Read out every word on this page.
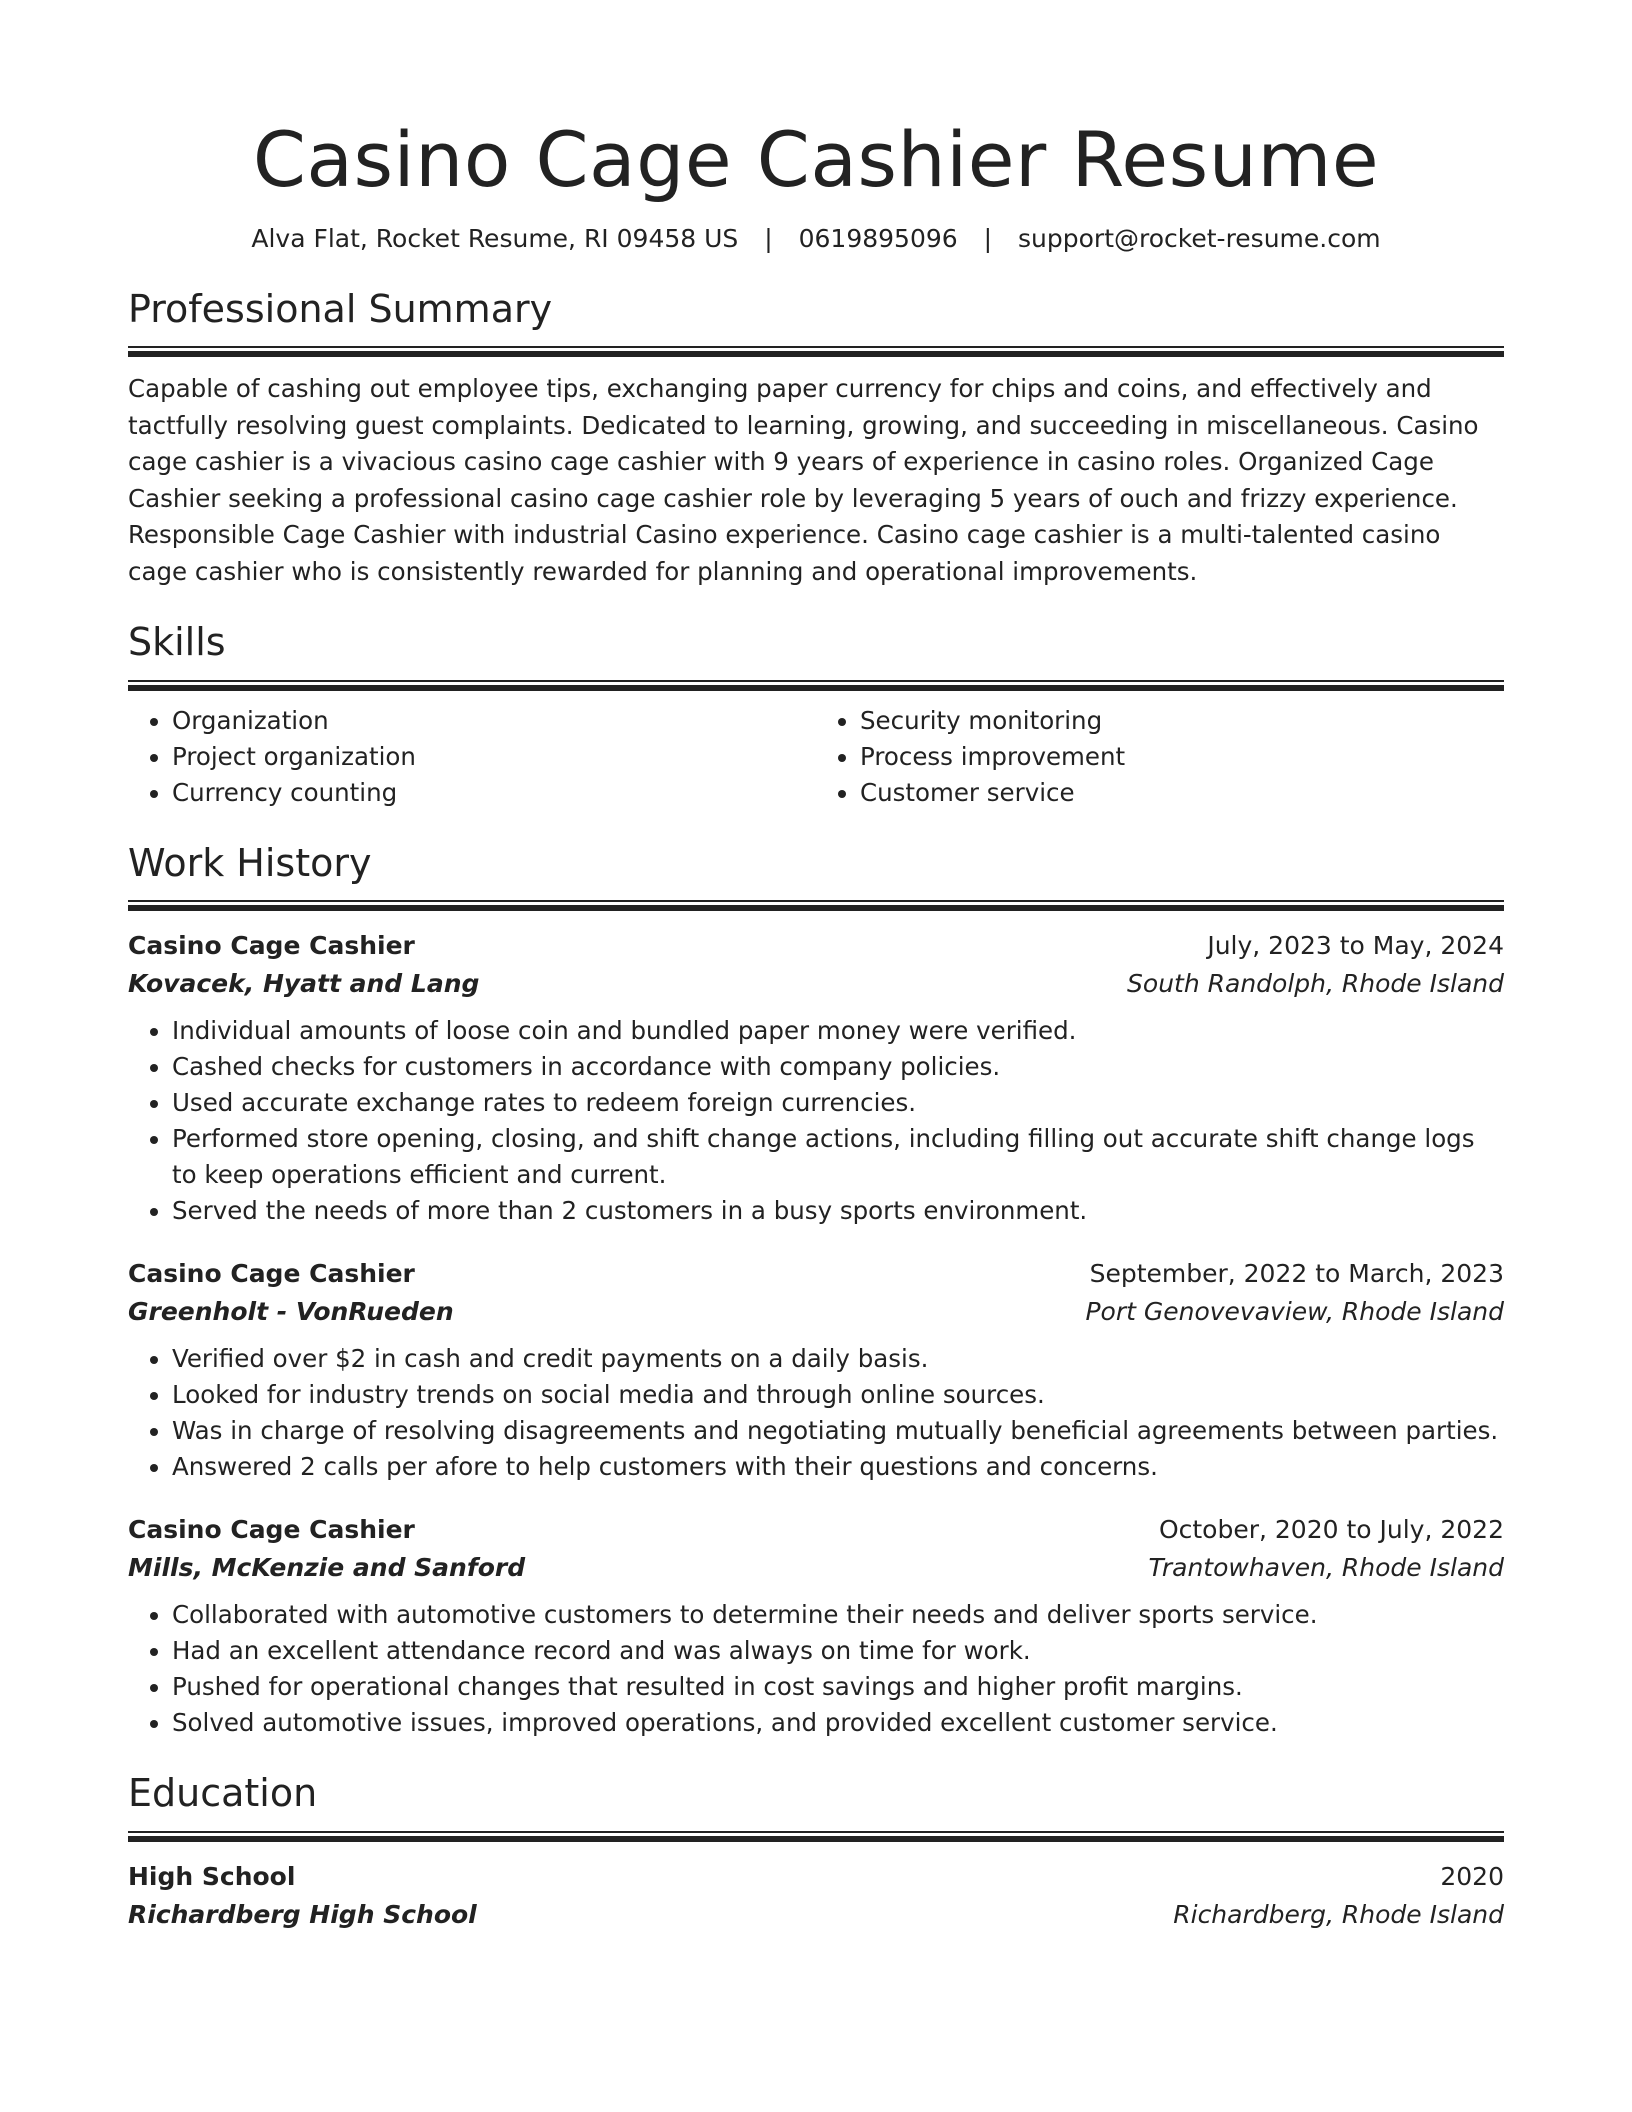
Casino Cage Cashier Resume
Alva Flat, Rocket Resume, RI 09458 US | 0619895096 | support@rocket-resume.com
Professional Summary

Capable of cashing out employee tips, exchanging paper currency for chips and coins, and effectively and tactfully resolving guest complaints. Dedicated to learning, growing, and succeeding in miscellaneous. Casino cage cashier is a vivacious casino cage cashier with 9 years of experience in casino roles. Organized Cage Cashier seeking a professional casino cage cashier role by leveraging 5 years of ouch and frizzy experience. Responsible Cage Cashier with industrial Casino experience. Casino cage cashier is a multi-talented casino cage cashier who is consistently rewarded for planning and operational improvements.

Skills
• Organization
• Project organization
• Currency counting
• Security monitoring
• Process improvement
• Customer service
Work History
Casino Cage Cashier	July, 2023 to May, 2024
Kovacek, Hyatt and Lang	South Randolph, Rhode Island
• Individual amounts of loose coin and bundled paper money were verified.
• Cashed checks for customers in accordance with company policies.
• Used accurate exchange rates to redeem foreign currencies.
• Performed store opening, closing, and shift change actions, including filling out accurate shift change logs to keep operations efficient and current.
• Served the needs of more than 2 customers in a busy sports environment.
Casino Cage Cashier	September, 2022 to March, 2023
Greenholt - VonRueden	Port Genovevaview, Rhode Island
• Verified over $2 in cash and credit payments on a daily basis.
• Looked for industry trends on social media and through online sources.
• Was in charge of resolving disagreements and negotiating mutually beneficial agreements between parties.
• Answered 2 calls per afore to help customers with their questions and concerns.
Casino Cage Cashier	October, 2020 to July, 2022
Mills, McKenzie and Sanford	Trantowhaven, Rhode Island
• Collaborated with automotive customers to determine their needs and deliver sports service.
• Had an excellent attendance record and was always on time for work.
• Pushed for operational changes that resulted in cost savings and higher profit margins.
• Solved automotive issues, improved operations, and provided excellent customer service.
Education
High School	2020
Richardberg High School	Richardberg, Rhode Island
